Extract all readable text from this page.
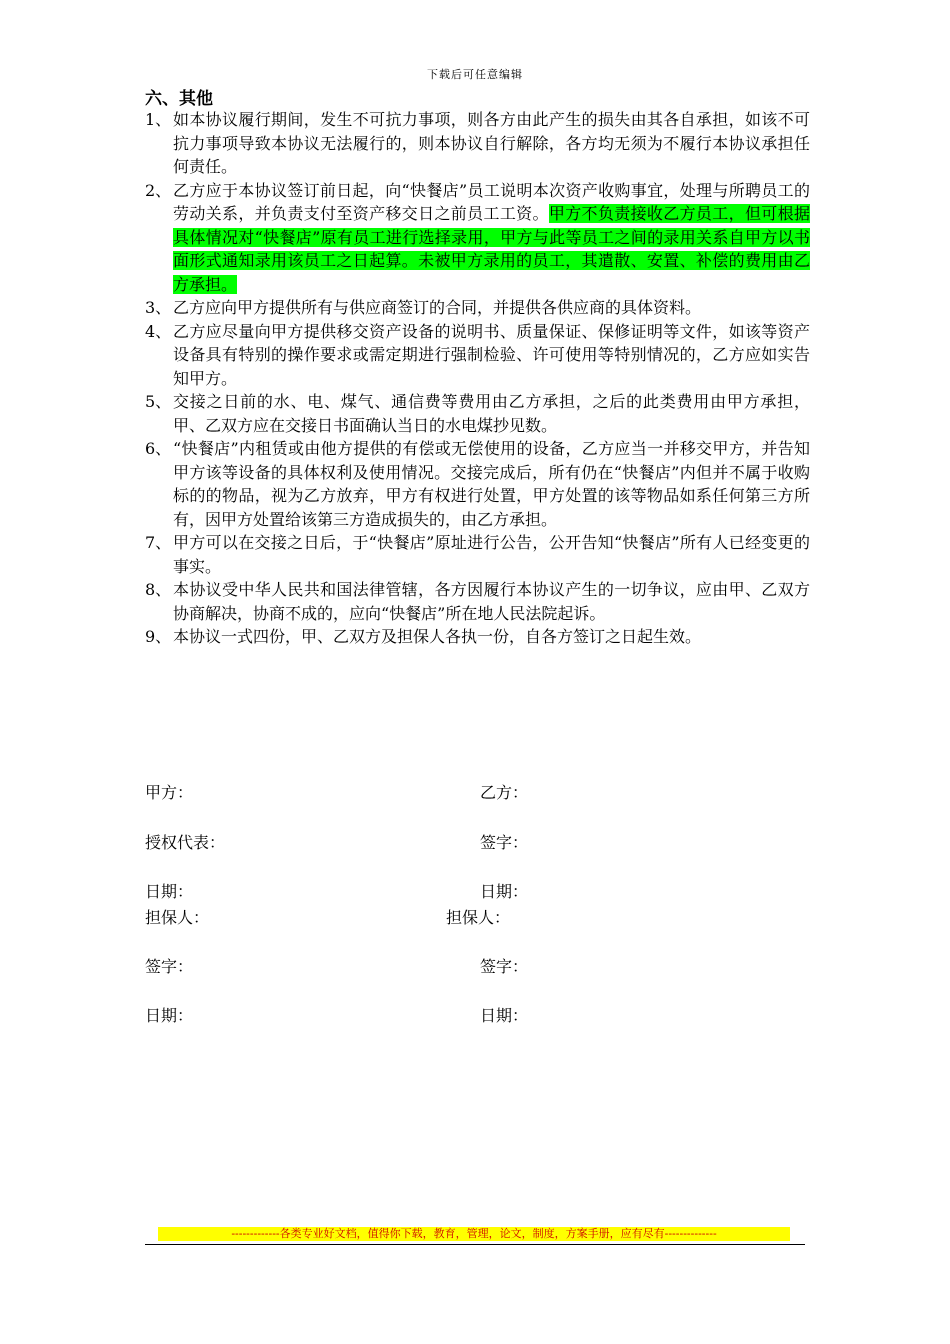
下载后可任意编辑
六、其他
1、 如本协议履行期间，发生不可抗力事项，则各方由此产生的损失由其各自承担，如该不可抗力事项导致本协议无法履行的，则本协议自行解除，各方均无须为不履行本协议承担任何责任。
2、 乙方应于本协议签订前日起，向“快餐店”员工说明本次资产收购事宜，处理与所聘员工的劳动关系，并负责支付至资产移交日之前员工工资。甲方不负责接收乙方员工，但可根据具体情况对“快餐店”原有员工进行选择录用，甲方与此等员工之间的录用关系自甲方以书面形式通知录用该员工之日起算。未被甲方录用的员工，其遣散、安置、补偿的费用由乙方承担。
3、 乙方应向甲方提供所有与供应商签订的合同，并提供各供应商的具体资料。
4、 乙方应尽量向甲方提供移交资产设备的说明书、质量保证、保修证明等文件，如该等资产设备具有特别的操作要求或需定期进行强制检验、许可使用等特别情况的，乙方应如实告知甲方。
5、 交接之日前的水、电、煤气、通信费等费用由乙方承担，之后的此类费用由甲方承担，甲、乙双方应在交接日书面确认当日的水电煤抄见数。
6、 “快餐店”内租赁或由他方提供的有偿或无偿使用的设备，乙方应当一并移交甲方，并告知甲方该等设备的具体权利及使用情况。交接完成后，所有仍在“快餐店”内但并不属于收购标的的物品，视为乙方放弃，甲方有权进行处置，甲方处置的该等物品如系任何第三方所有，因甲方处置给该第三方造成损失的，由乙方承担。
7、 甲方可以在交接之日后，于“快餐店”原址进行公告，公开告知“快餐店”所有人已经变更的事实。
8、 本协议受中华人民共和国法律管辖，各方因履行本协议产生的一切争议，应由甲、乙双方协商解决，协商不成的，应向“快餐店”所在地人民法院起诉。
9、 本协议一式四份，甲、乙双方及担保人各执一份，自各方签订之日起生效。
甲方：	乙方：
授权代表：	签字：
日期：	日期：
担保人：	担保人：
签字：	签字：
日期：	日期：
-------------各类专业好文档，值得你下载，教育，管理，论文，制度，方案手册，应有尽有--------------
